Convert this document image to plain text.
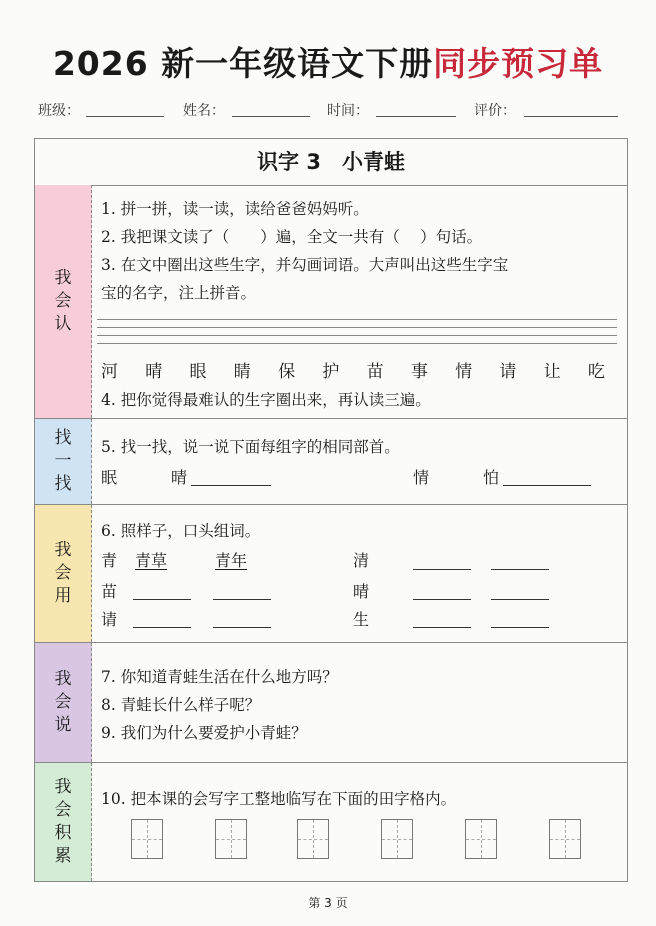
2026 新一年级语文下册同步预习单
班级：	姓名：	时间：	评价：
识字 3　小青蛙
我
会
认
1. 拼一拼，读一读，读给爸爸妈妈听。
2. 我把课文读了（　　）遍，全文一共有（　 ）句话。
3. 在文中圈出这些生字，并勾画词语。大声叫出这些生字宝
宝的名字，注上拼音。
河 晴 眼 睛 保 护 苗 事 情 请 让 吃
4. 把你觉得最难认的生字圈出来，再认读三遍。
找
一
找
5. 找一找，说一说下面每组字的相同部首。
眠	晴	情	怕
我
会
用
6. 照样子，口头组词。
青 青草	青年	清
苗	晴
请	生
我
会
说
7. 你知道青蛙生活在什么地方吗？
8. 青蛙长什么样子呢？
9. 我们为什么要爱护小青蛙？
我
会
积
累
10. 把本课的会写字工整地临写在下面的田字格内。
第 3 页
